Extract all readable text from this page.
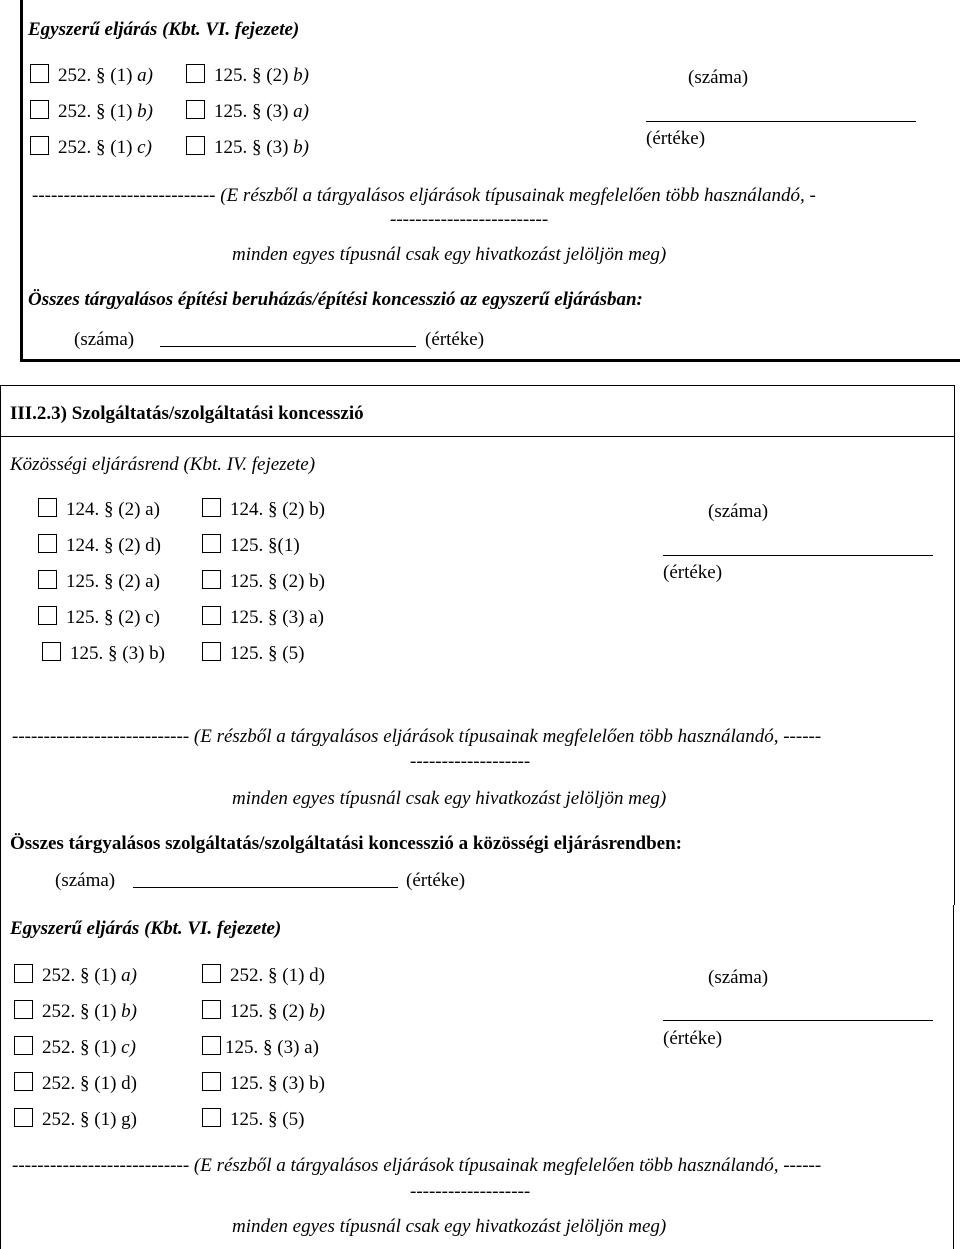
Egyszerű eljárás (Kbt. VI. fejezete)
252. § (1) a)	125. § (2) b)
252. § (1) b)	125. § (3) a)
252. § (1) c)	125. § (3) b)
(száma)
(értéke)
----------------------------- (E részből a tárgyalásos eljárások típusainak megfelelően több használandó, -
-------------------------
minden egyes típusnál csak egy hivatkozást jelöljön meg)
Összes tárgyalásos építési beruházás/építési koncesszió az egyszerű eljárásban:
(száma)	(értéke)
III.2.3) Szolgáltatás/szolgáltatási koncesszió
Közösségi eljárásrend (Kbt. IV. fejezete)
124. § (2) a)	124. § (2) b)
124. § (2) d)	125. §(1)
125. § (2) a)	125. § (2) b)
125. § (2) c)	125. § (3) a)
125. § (3) b)	125. § (5)
(száma)
(értéke)
---------------------------- (E részből a tárgyalásos eljárások típusainak megfelelően több használandó, ------
-------------------
minden egyes típusnál csak egy hivatkozást jelöljön meg)
Összes tárgyalásos szolgáltatás/szolgáltatási koncesszió a közösségi eljárásrendben:
(száma)	(értéke)
Egyszerű eljárás (Kbt. VI. fejezete)
252. § (1) a)	252. § (1) d)
252. § (1) b)	125. § (2) b)
252. § (1) c)	125. § (3) a)
252. § (1) d)	125. § (3) b)
252. § (1) g)	125. § (5)
(száma)
(értéke)
---------------------------- (E részből a tárgyalásos eljárások típusainak megfelelően több használandó, ------
-------------------
minden egyes típusnál csak egy hivatkozást jelöljön meg)
